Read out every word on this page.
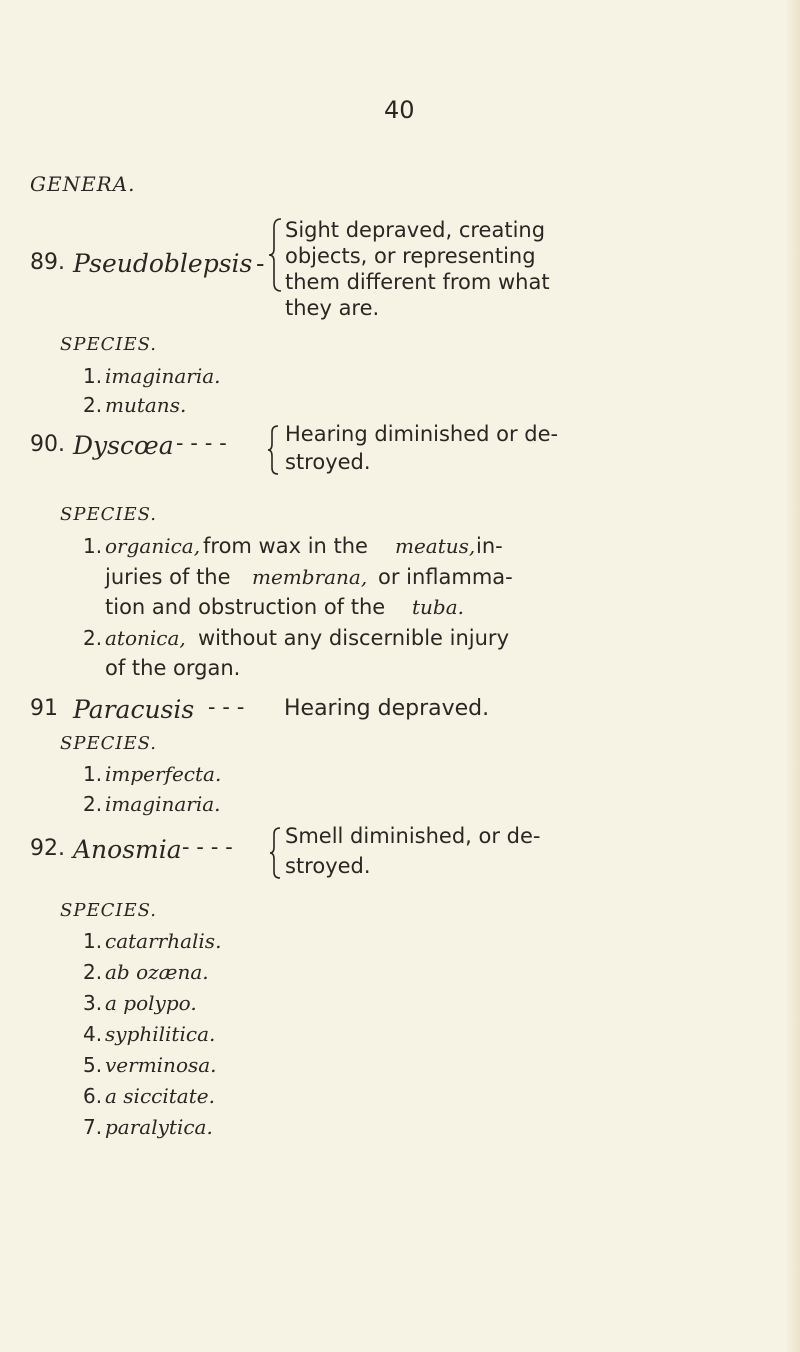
40
GENERA.
89. Pseudoblepsis -
Sight depraved, creating
objects, or representing
them different from what
they are.
SPECIES.
1. imaginaria.
2. mutans.
90. Dyscœa - - - -	Hearing diminished or de-
stroyed.
SPECIES.
1. organica, from wax in the meatus, in-
juries of the membrana, or inflamma-
tion and obstruction of the tuba.
2. atonica, without any discernible injury
of the organ.
91 Paracusis - - - Hearing depraved.
SPECIES.
1. imperfecta.
2. imaginaria.
92. Anosmia - - - - Smell diminished, or de-
stroyed.
SPECIES.
1. catarrhalis.
2. ab ozæna.
3. a polypo.
4. syphilitica.
5. verminosa.
6. a siccitate.
7. paralytica.
